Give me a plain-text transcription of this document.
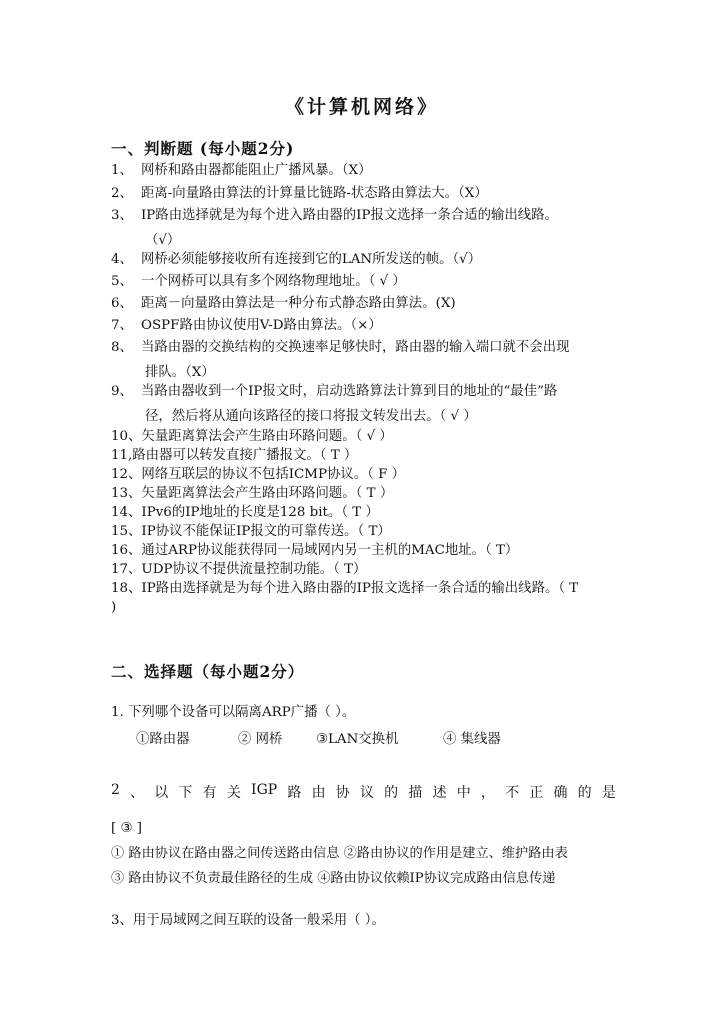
《计算机网络》
一、判断题 (每小题2分)
1、 网桥和路由器都能阻止广播风暴。（X）
2、 距离-向量路由算法的计算量比链路-状态路由算法大。（X）
3、 IP路由选择就是为每个进入路由器的IP报文选择一条合适的输出线路。
（√）
4、 网桥必须能够接收所有连接到它的LAN所发送的帧。（√）
5、 一个网桥可以具有多个网络物理地址。（ √ ）
6、 距离－向量路由算法是一种分布式静态路由算法。(X)
7、 OSPF路由协议使用V-D路由算法。（×）
8、 当路由器的交换结构的交换速率足够快时，路由器的输入端口就不会出现
排队。（X）
9、 当路由器收到一个IP报文时，启动选路算法计算到目的地址的“最佳”路
径，然后将从通向该路径的接口将报文转发出去。（ √ ）
10、矢量距离算法会产生路由环路问题。（ √ ）
11,路由器可以转发直接广播报文。（ T ）
12、网络互联层的协议不包括ICMP协议。（ F ）
13、矢量距离算法会产生路由环路问题。（ T ）
14、IPv6的IP地址的长度是128 bit。（ T ）
15、IP协议不能保证IP报文的可靠传送。（ T）
16、通过ARP协议能获得同一局域网内另一主机的MAC地址。（ T）
17、UDP协议不提供流量控制功能。（ T）
18、IP路由选择就是为每个进入路由器的IP报文选择一条合适的输出线路。（ T
)
二、选择题（每小题2分）
1. 下列哪个设备可以隔离ARP广播（ ）。
①路由器	② 网桥	③LAN交换机	④ 集线器
2 、 以 下 有 关 IGP 路 由 协 议 的 描 述 中 ， 不 正 确 的 是
[ ③ ]
① 路由协议在路由器之间传送路由信息 ②路由协议的作用是建立、维护路由表
③ 路由协议不负责最佳路径的生成 ④路由协议依赖IP协议完成路由信息传递
3、用于局域网之间互联的设备一般采用（ ）。
